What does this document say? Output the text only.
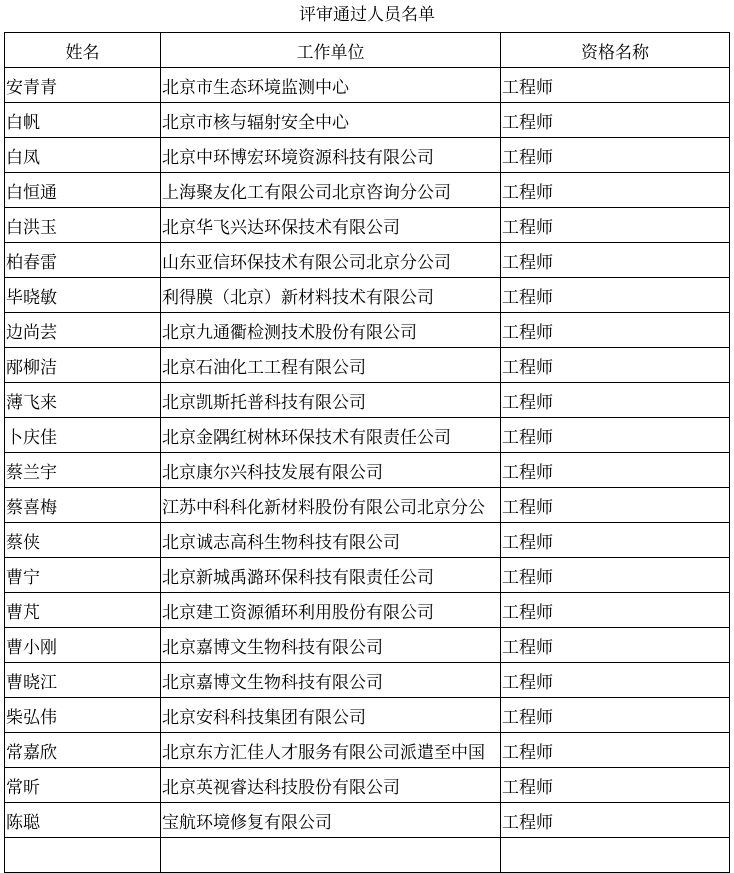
评审通过人员名单
姓名	工作单位	资格名称
安青青	北京市生态环境监测中心	工程师
白帆	北京市核与辐射安全中心	工程师
白凤	北京中环博宏环境资源科技有限公司	工程师
白恒通	上海聚友化工有限公司北京咨询分公司	工程师
白洪玉	北京华飞兴达环保技术有限公司	工程师
柏春雷	山东亚信环保技术有限公司北京分公司	工程师
毕晓敏	利得膜（北京）新材料技术有限公司	工程师
边尚芸	北京九通衢检测技术股份有限公司	工程师
邴柳洁	北京石油化工工程有限公司	工程师
薄飞来	北京凯斯托普科技有限公司	工程师
卜庆佳	北京金隅红树林环保技术有限责任公司	工程师
蔡兰宇	北京康尔兴科技发展有限公司	工程师
蔡喜梅	江苏中科科化新材料股份有限公司北京分公	工程师
蔡侠	北京诚志高科生物科技有限公司	工程师
曹宁	北京新城禹潞环保科技有限责任公司	工程师
曹芃	北京建工资源循环利用股份有限公司	工程师
曹小刚	北京嘉博文生物科技有限公司	工程师
曹晓江	北京嘉博文生物科技有限公司	工程师
柴弘伟	北京安科科技集团有限公司	工程师
常嘉欣	北京东方汇佳人才服务有限公司派遣至中国	工程师
常昕	北京英视睿达科技股份有限公司	工程师
陈聪	宝航环境修复有限公司	工程师
